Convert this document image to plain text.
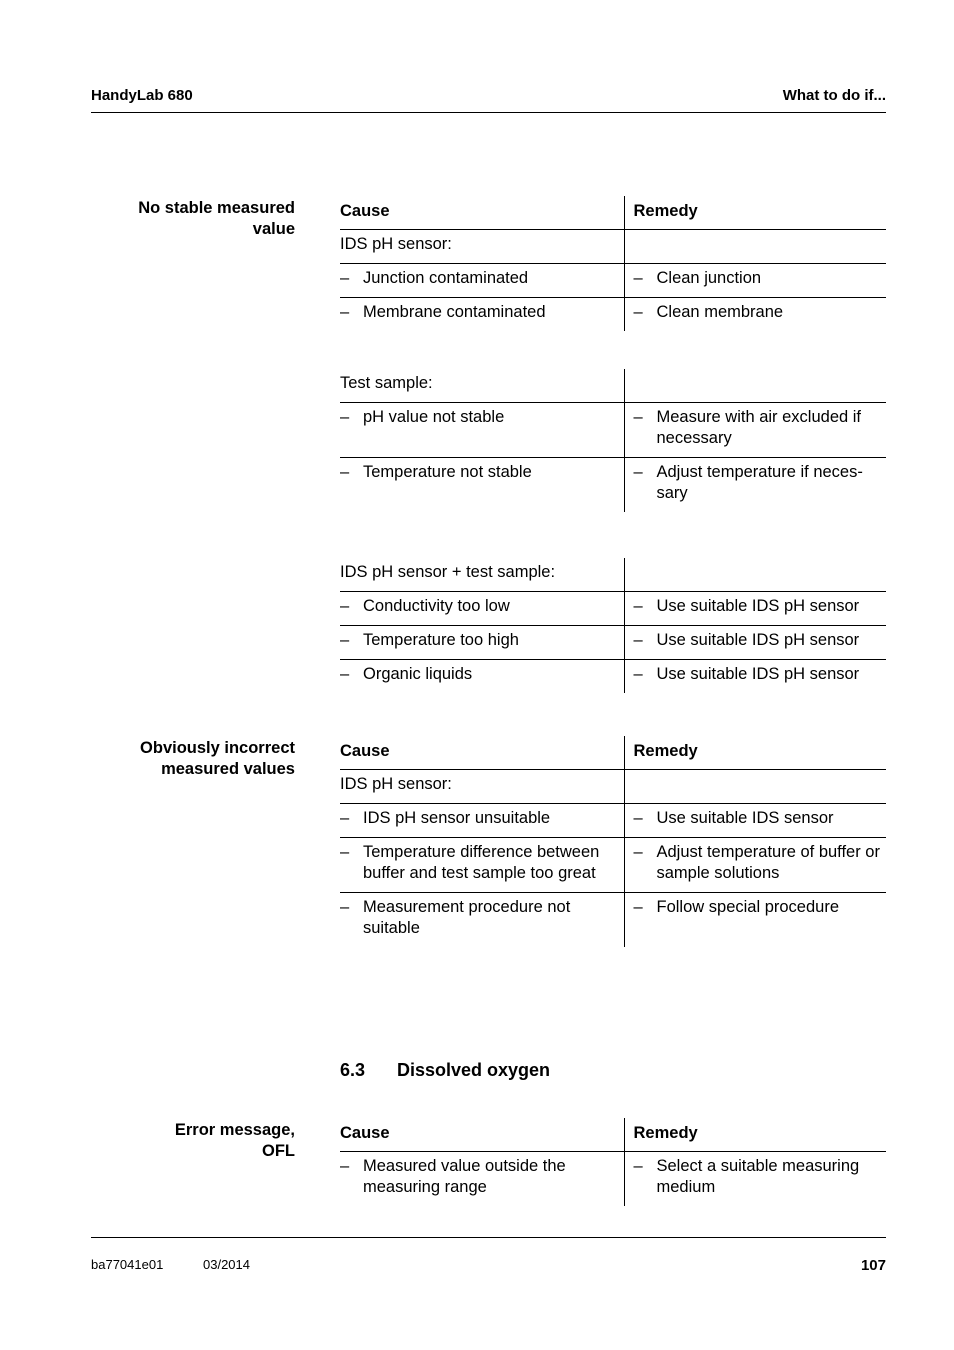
HandyLab 680	What to do if...
No stable measured
value
Cause	Remedy
IDS pH sensor:	

– Junction contaminated	– Clean junction

– Membrane contaminated	– Clean membrane
Test sample:	

– pH value not stable	– Measure with air excluded if necessary

– Temperature not stable	– Adjust temperature if neces-sary
IDS pH sensor + test sample:	

– Conductivity too low	– Use suitable IDS pH sensor

– Temperature too high	– Use suitable IDS pH sensor

– Organic liquids	– Use suitable IDS pH sensor
Obviously incorrect
measured values
Cause	Remedy
IDS pH sensor:	

– IDS pH sensor unsuitable	– Use suitable IDS sensor

– Temperature difference between buffer and test sample too great	– Adjust temperature of buffer or sample solutions

– Measurement procedure not suitable	– Follow special procedure
6.3 Dissolved oxygen
Error message,
OFL
Cause	Remedy

– Measured value outside the measuring range	– Select a suitable measuring medium
ba77041e01	03/2014	107
